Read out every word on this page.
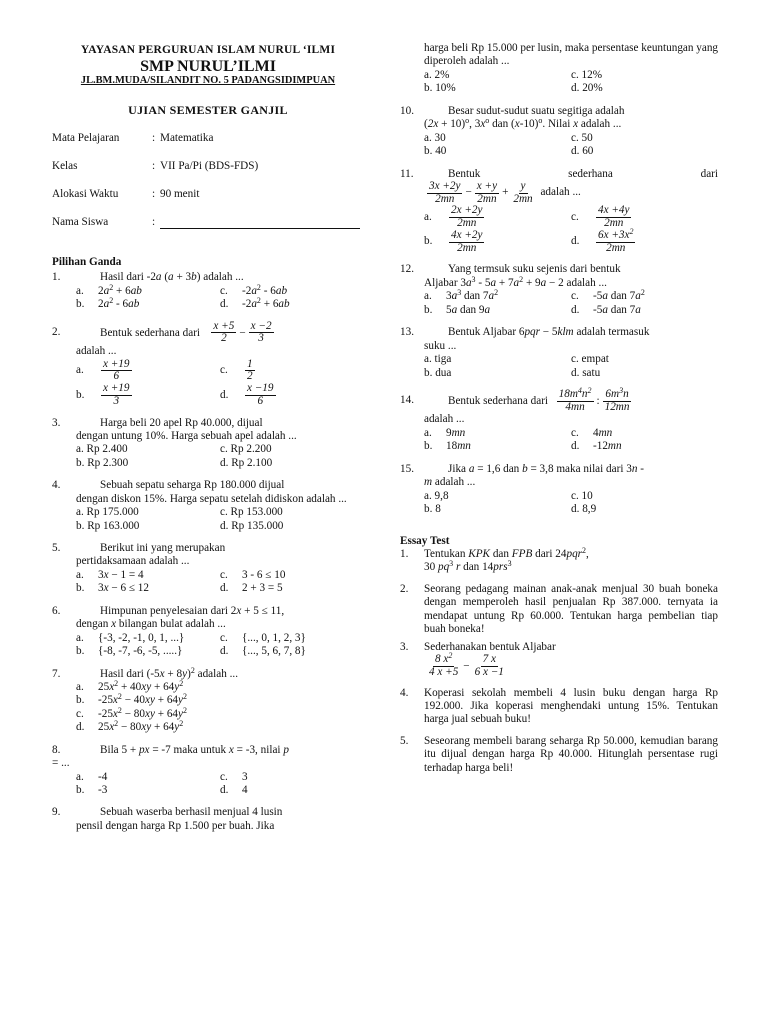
YAYASAN PERGURUAN ISLAM NURUL ‘ILMI
SMP NURUL’ILMI
JL.BM.MUDA/SILANDIT NO. 5 PADANGSIDIMPUAN
UJIAN SEMESTER GANJIL
Mata Pelajaran	: Matematika
Kelas	: VII Pa/Pi (BDS-FDS)
Alokasi Waktu	: 90 menit
Nama Siswa	:
Pilihan Ganda
1.	Hasil dari -2a (a + 3b) adalah ...
a.	$2a^2 + 6ab$	c.	$-2a^2 - 6ab$
b.	$2a^2 - 6ab$	d.	$-2a^2 + 6ab$
2.	Bentuk sederhana dari $\frac{x +5}{2} - \frac{x -2}{3}$
adalah ...
a.	$\frac{x +19}{6}$	c.	$\frac{1}{2}$
b.	$\frac{x +19}{3}$	d.	$\frac{x -19}{6}$
3.	Harga beli 20 apel Rp 40.000, dijual
dengan untung 10%. Harga sebuah apel adalah ...
a. Rp 2.400	c. Rp 2.200
b. Rp 2.300	d. Rp 2.100
4.	Sebuah sepatu seharga Rp 180.000 dijual
dengan diskon 15%. Harga sepatu setelah didiskon adalah ...
a. Rp 175.000	c. Rp 153.000
b. Rp 163.000	d. Rp 135.000
5.	Berikut ini yang merupakan
pertidaksamaan adalah ...
a.	3x − 1 = 4	c.	3 - 6 ≤ 10
b.	3x − 6 ≤ 12	d.	2 + 3 = 5
6.	Himpunan penyelesaian dari 2x + 5 ≤ 11,
dengan x bilangan bulat adalah ...
a.	{-3, -2, -1, 0, 1, ...}	c.	{..., 0, 1, 2, 3}
b.	{-8, -7, -6, -5, .....}	d.	{..., 5, 6, 7, 8}
7.	Hasil dari $(-5x + 8y)^2$ adalah ...
a.	$25x^2 + 40xy + 64y^2$
b.	$-25x^2 - 40xy + 64y^2$
c.	$-25x^2 - 80xy + 64y^2$
d.	$25x^2 - 80xy + 64y^2$
8.	Bila 5 + px = -7 maka untuk x = -3, nilai p
= ...
a.	-4	c.	3
b.	-3	d.	4
9.	Sebuah waserba berhasil menjual 4 lusin
pensil dengan harga Rp 1.500 per buah. Jika
harga beli Rp 15.000 per lusin, maka persentase keuntungan yang diperoleh adalah ...
a. 2%	c. 12%
b. 10%	d. 20%
10.	Besar sudut-sudut suatu segitiga adalah
$(2x + 10)^o$, $3x^o$ dan $(x-10)^o$. Nilai x adalah ...
a. 30	c. 50
b. 40	d. 60
11.	Bentuk	sederhana	dari
$\frac{3x +2y}{2mn} - \frac{x +y}{2mn} + \frac{y}{2mn}$ adalah ...
a.	$\frac{2x +2y}{2mn}$	c.	$\frac{4x +4y}{2mn}$
b.	$\frac{4x +2y}{2mn}$	d.	$\frac{6x +3x^2}{2mn}$
12.	Yang termsuk suku sejenis dari bentuk
Aljabar $3a^3 - 5a + 7a^2 + 9a - 2$ adalah ...
a.	$3a^3$ dan $7a^2$	c.	-5a dan $7a^2$
b.	5a dan 9a	d.	-5a dan 7a
13.	Bentuk Aljabar 6pqr − 5klm adalah termasuk
suku ...
a. tiga	c. empat
b. dua	d. satu
14.	Bentuk sederhana dari $\frac{18m^4n^2}{4mn}$ : $\frac{6m^3n}{12mn}$
adalah ...
a.	9mn	c.	4mn
b.	18mn	d.	-12mn
15.	Jika a = 1,6 dan b = 3,8 maka nilai dari 3n -
m adalah ...
a. 9,8	c. 10
b. 8	d. 8,9
Essay Test
1.	Tentukan KPK dan FPB dari 24pqr$^2$,
30 $pq^3$ r dan 14prs$^3$
2.	Seorang pedagang mainan anak-anak menjual 30 buah boneka dengan memperoleh hasil penjualan Rp 387.000. ternyata ia mendapat untung Rp 60.000. Tentukan harga pembelian tiap buah boneka!
3.	Sederhanakan bentuk Aljabar
$\frac{8 x^2}{4 x +5} - \frac{7 x}{6 x -1}$
4.	Koperasi sekolah membeli 4 lusin buku dengan harga Rp 192.000. Jika koperasi menghendaki untung 15%. Tentukan harga jual sebuah buku!
5.	Seseorang membeli barang seharga Rp 50.000, kemudian barang itu dijual dengan harga Rp 40.000. Hitunglah persentase rugi terhadap harga beli!
